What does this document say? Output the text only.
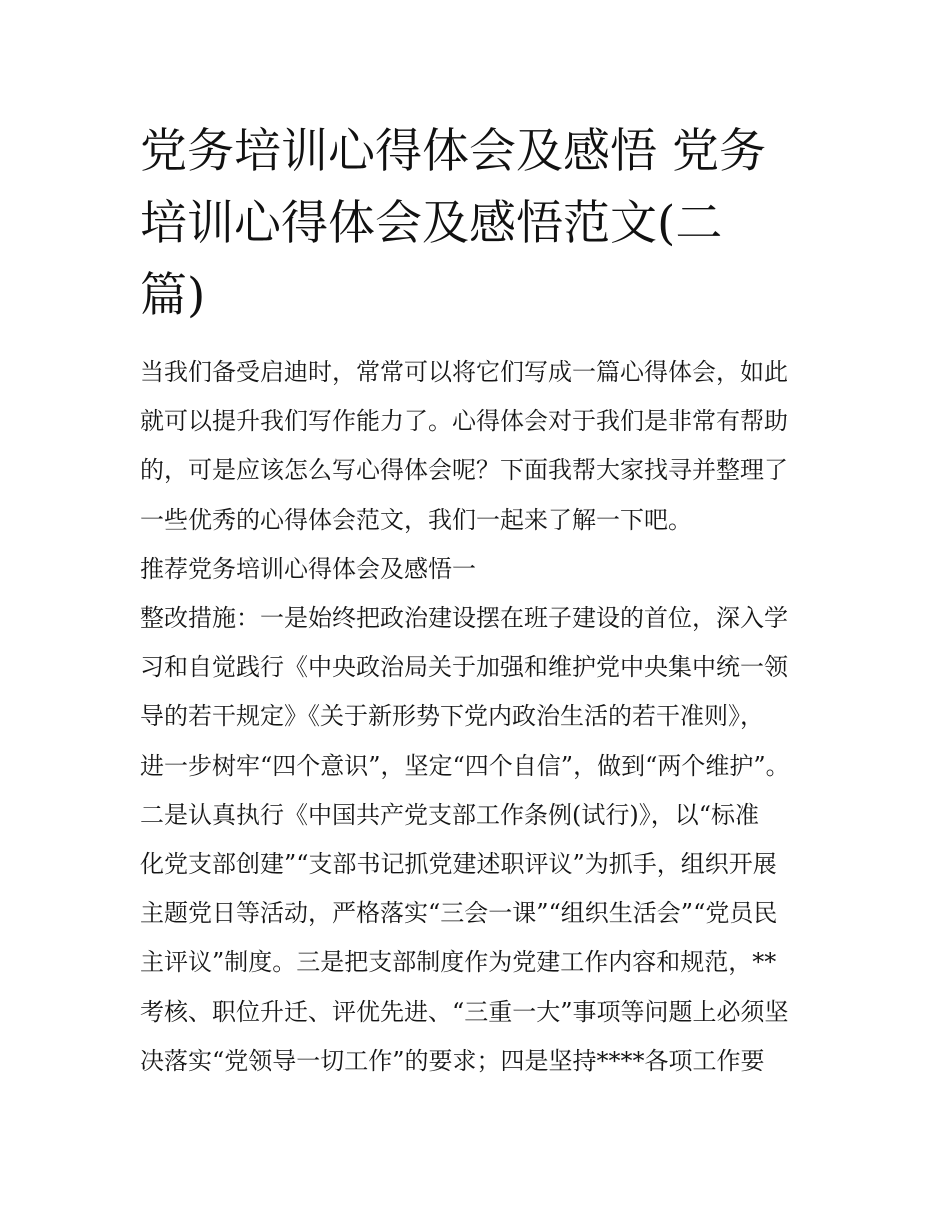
党务培训心得体会及感悟 党务
培训心得体会及感悟范文(二
篇)
当我们备受启迪时，常常可以将它们写成一篇心得体会，如此
就可以提升我们写作能力了。心得体会对于我们是非常有帮助
的，可是应该怎么写心得体会呢？下面我帮大家找寻并整理了
一些优秀的心得体会范文，我们一起来了解一下吧。
推荐党务培训心得体会及感悟一
整改措施：一是始终把政治建设摆在班子建设的首位，深入学
习和自觉践行《中央政治局关于加强和维护党中央集中统一领
导的若干规定》《关于新形势下党内政治生活的若干准则》，
进一步树牢“四个意识”，坚定“四个自信”，做到“两个维护”。
二是认真执行《中国共产党支部工作条例(试行)》，以“标准
化党支部创建”“支部书记抓党建述职评议”为抓手，组织开展
主题党日等活动，严格落实“三会一课”“组织生活会”“党员民
主评议”制度。三是把支部制度作为党建工作内容和规范，**
考核、职位升迁、评优先进、“三重一大”事项等问题上必须坚
决落实“党领导一切工作”的要求；四是坚持****各项工作要
